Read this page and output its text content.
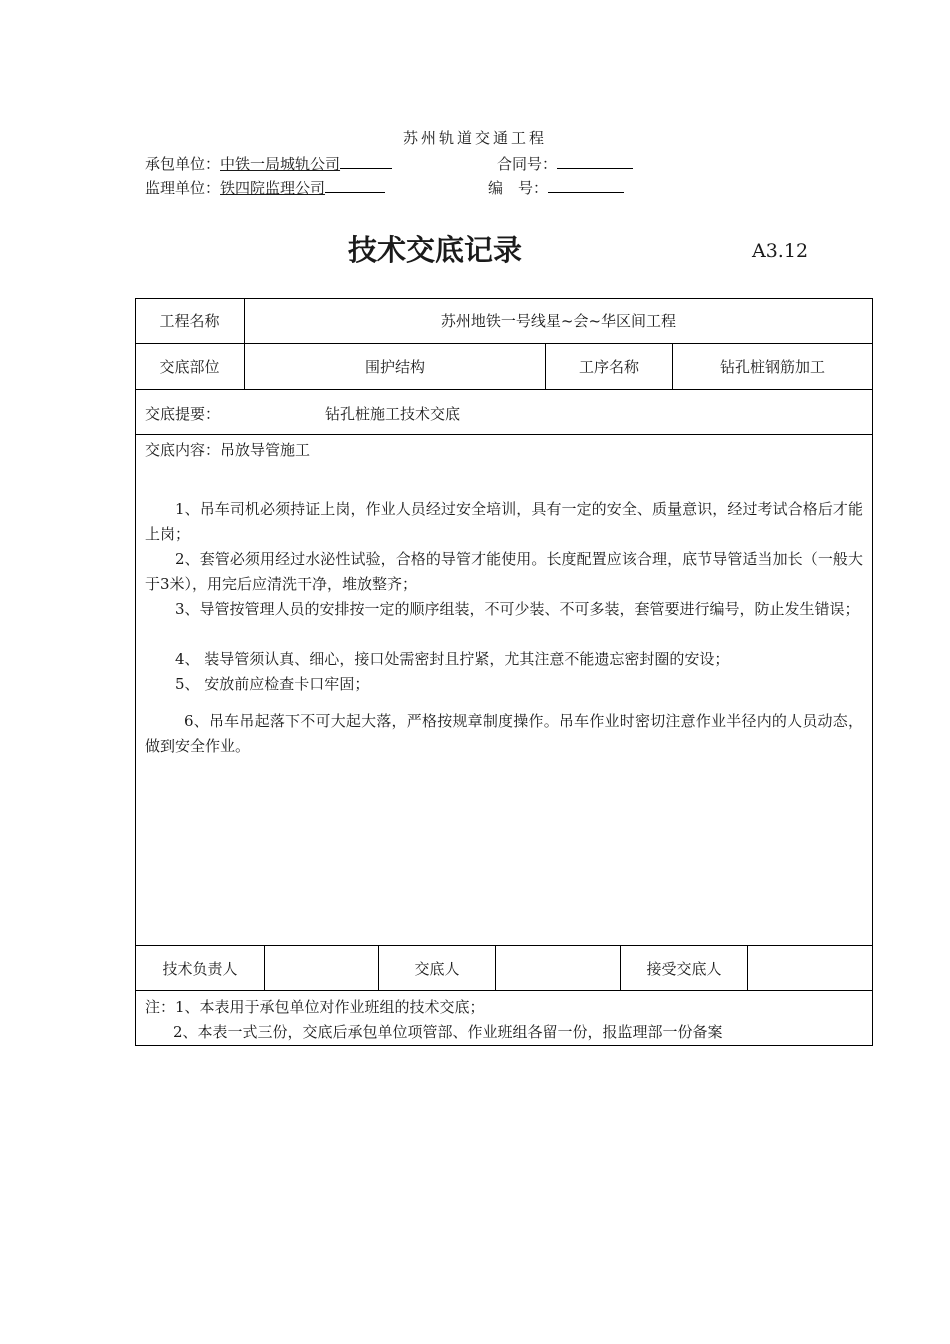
苏州轨道交通工程
承包单位：中铁一局城轨公司	合同号：
监理单位：铁四院监理公司	编　号：
技术交底记录	A3.12
工程名称	苏州地铁一号线星~会~华区间工程
交底部位	围护结构	工序名称	钻孔桩钢筋加工
交底提要：	钻孔桩施工技术交底
交底内容：吊放导管施工
1、吊车司机必须持证上岗，作业人员经过安全培训，具有一定的安全、质量意识，经过考试合格后才能上岗；
2、套管必须用经过水泌性试验，合格的导管才能使用。长度配置应该合理，底节导管适当加长（一般大于3米），用完后应清洗干净，堆放整齐；
3、导管按管理人员的安排按一定的顺序组装，不可少装、不可多装，套管要进行编号，防止发生错误；
4、 装导管须认真、细心，接口处需密封且拧紧，尤其注意不能遗忘密封圈的安设；
5、 安放前应检查卡口牢固；
6、吊车吊起落下不可大起大落，严格按规章制度操作。吊车作业时密切注意作业半径内的人员动态，做到安全作业。
技术负责人	交底人	接受交底人
注：1、本表用于承包单位对作业班组的技术交底；
2、本表一式三份，交底后承包单位项管部、作业班组各留一份，报监理部一份备案
